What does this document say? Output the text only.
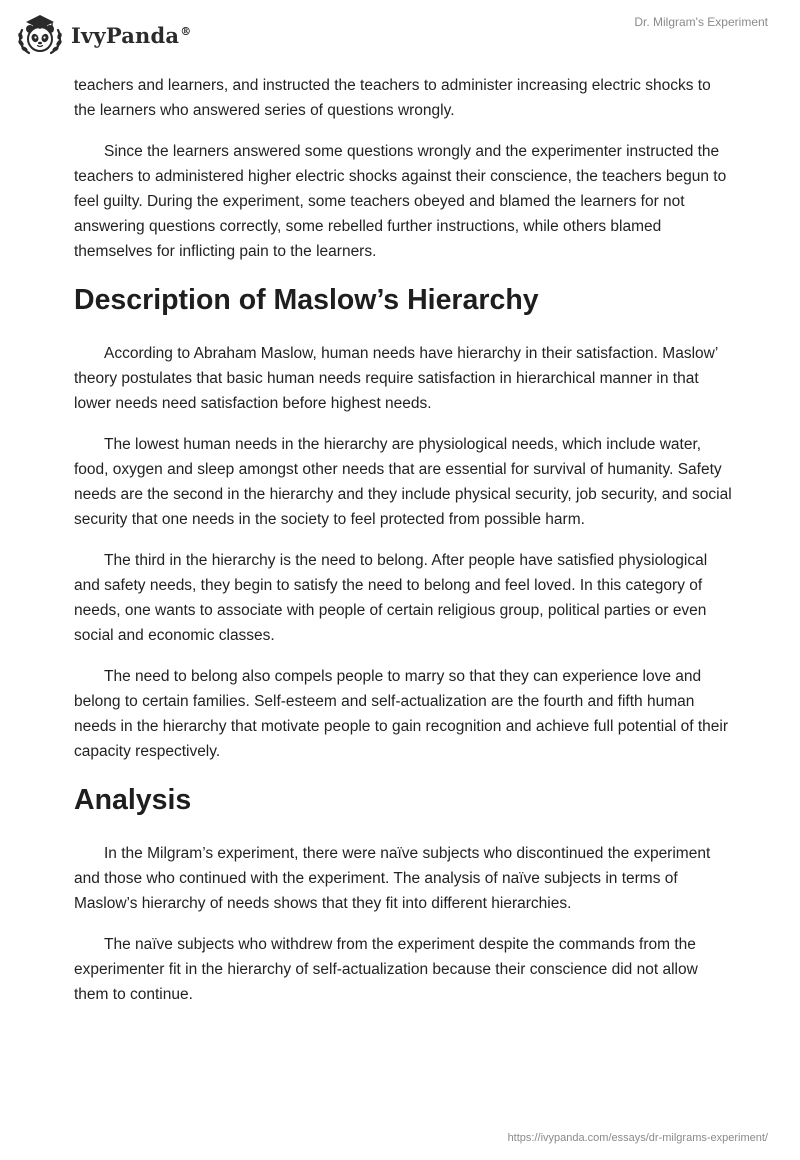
IvyPanda®
Dr. Milgram's Experiment

teachers and learners, and instructed the teachers to administer increasing electric shocks to the learners who answered series of questions wrongly.

Since the learners answered some questions wrongly and the experimenter instructed the teachers to administered higher electric shocks against their conscience, the teachers begun to feel guilty. During the experiment, some teachers obeyed and blamed the learners for not answering questions correctly, some rebelled further instructions, while others blamed themselves for inflicting pain to the learners.

Description of Maslow’s Hierarchy

According to Abraham Maslow, human needs have hierarchy in their satisfaction. Maslow’ theory postulates that basic human needs require satisfaction in hierarchical manner in that lower needs need satisfaction before highest needs.

The lowest human needs in the hierarchy are physiological needs, which include water, food, oxygen and sleep amongst other needs that are essential for survival of humanity. Safety needs are the second in the hierarchy and they include physical security, job security, and social security that one needs in the society to feel protected from possible harm.

The third in the hierarchy is the need to belong. After people have satisfied physiological and safety needs, they begin to satisfy the need to belong and feel loved. In this category of needs, one wants to associate with people of certain religious group, political parties or even social and economic classes.

The need to belong also compels people to marry so that they can experience love and belong to certain families. Self-esteem and self-actualization are the fourth and fifth human needs in the hierarchy that motivate people to gain recognition and achieve full potential of their capacity respectively.

Analysis

In the Milgram’s experiment, there were naïve subjects who discontinued the experiment and those who continued with the experiment. The analysis of naïve subjects in terms of Maslow’s hierarchy of needs shows that they fit into different hierarchies.

The naïve subjects who withdrew from the experiment despite the commands from the experimenter fit in the hierarchy of self-actualization because their conscience did not allow them to continue.

https://ivypanda.com/essays/dr-milgrams-experiment/
